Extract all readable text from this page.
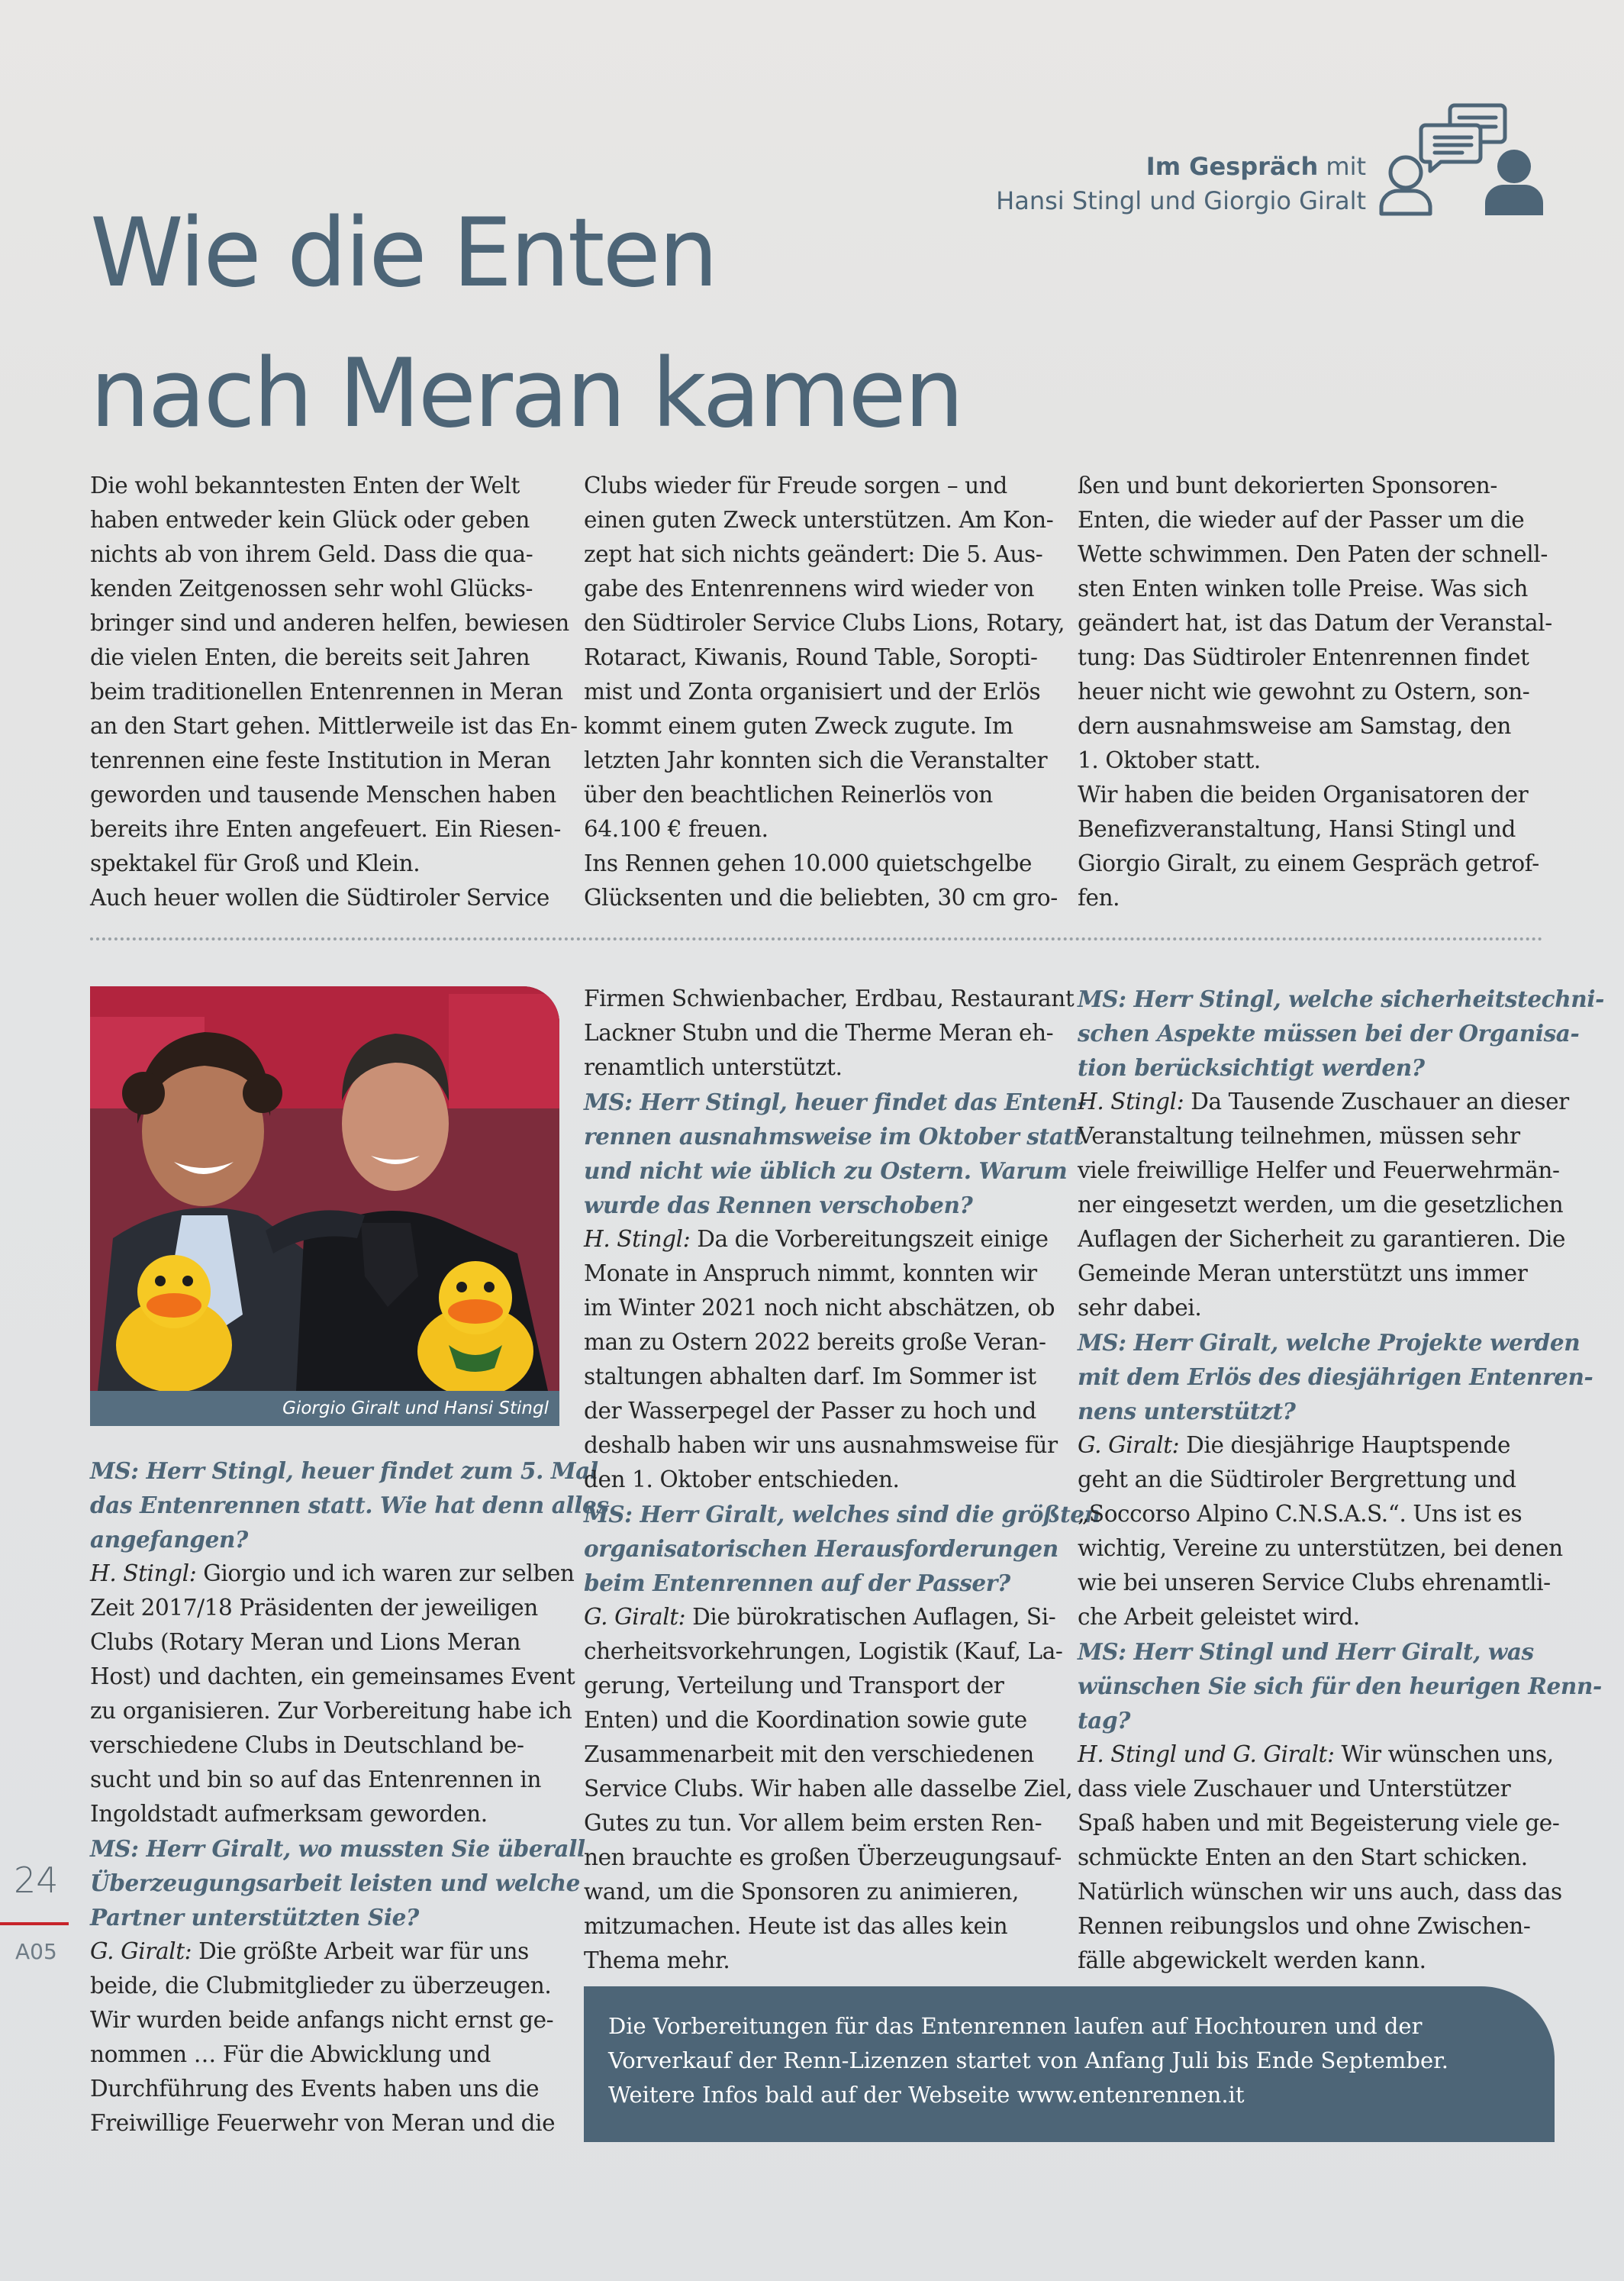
Im Gespräch mit
Hansi Stingl und Giorgio Giralt
Wie die Enten
nach Meran kamen

Die wohl bekanntesten Enten der Welt

haben entweder kein Glück oder geben

nichts ab von ihrem Geld. Dass die qua-

kenden Zeitgenossen sehr wohl Glücks-

bringer sind und anderen helfen, bewiesen

die vielen Enten, die bereits seit Jahren

beim traditionellen Entenrennen in Meran

an den Start gehen. Mittlerweile ist das En-

tenrennen eine feste Institution in Meran

geworden und tausende Menschen haben

bereits ihre Enten angefeuert. Ein Riesen-

spektakel für Groß und Klein.

Auch heuer wollen die Südtiroler Service

Clubs wieder für Freude sorgen – und

einen guten Zweck unterstützen. Am Kon-

zept hat sich nichts geändert: Die 5. Aus-

gabe des Entenrennens wird wieder von

den Südtiroler Service Clubs Lions, Rotary,

Rotaract, Kiwanis, Round Table, Soropti-

mist und Zonta organisiert und der Erlös

kommt einem guten Zweck zugute. Im

letzten Jahr konnten sich die Veranstalter

über den beachtlichen Reinerlös von

64.100 € freuen.

Ins Rennen gehen 10.000 quietschgelbe

Glücksenten und die beliebten, 30 cm gro-

ßen und bunt dekorierten Sponsoren-

Enten, die wieder auf der Passer um die

Wette schwimmen. Den Paten der schnell-

sten Enten winken tolle Preise. Was sich

geändert hat, ist das Datum der Veranstal-

tung: Das Südtiroler Entenrennen findet

heuer nicht wie gewohnt zu Ostern, son-

dern ausnahmsweise am Samstag, den

1. Oktober statt.

Wir haben die beiden Organisatoren der

Benefizveranstaltung, Hansi Stingl und

Giorgio Giralt, zu einem Gespräch getrof-

fen.

Giorgio Giralt und Hansi Stingl

MS: Herr Stingl, heuer findet zum 5. Mal

das Entenrennen statt. Wie hat denn alles

angefangen?

H. Stingl: Giorgio und ich waren zur selben

Zeit 2017/18 Präsidenten der jeweiligen

Clubs (Rotary Meran und Lions Meran

Host) und dachten, ein gemeinsames Event

zu organisieren. Zur Vorbereitung habe ich

verschiedene Clubs in Deutschland be-

sucht und bin so auf das Entenrennen in

Ingoldstadt aufmerksam geworden.

MS: Herr Giralt, wo mussten Sie überall

Überzeugungsarbeit leisten und welche

Partner unterstützten Sie?

G. Giralt: Die größte Arbeit war für uns

beide, die Clubmitglieder zu überzeugen.

Wir wurden beide anfangs nicht ernst ge-

nommen … Für die Abwicklung und

Durchführung des Events haben uns die

Freiwillige Feuerwehr von Meran und die

Firmen Schwienbacher, Erdbau, Restaurant

Lackner Stubn und die Therme Meran eh-

renamtlich unterstützt.

MS: Herr Stingl, heuer findet das Enten-

rennen ausnahmsweise im Oktober statt

und nicht wie üblich zu Ostern. Warum

wurde das Rennen verschoben?

H. Stingl: Da die Vorbereitungszeit einige

Monate in Anspruch nimmt, konnten wir

im Winter 2021 noch nicht abschätzen, ob

man zu Ostern 2022 bereits große Veran-

staltungen abhalten darf. Im Sommer ist

der Wasserpegel der Passer zu hoch und

deshalb haben wir uns ausnahmsweise für

den 1. Oktober entschieden.

MS: Herr Giralt, welches sind die größten

organisatorischen Herausforderungen

beim Entenrennen auf der Passer?

G. Giralt: Die bürokratischen Auflagen, Si-

cherheitsvorkehrungen, Logistik (Kauf, La-

gerung, Verteilung und Transport der

Enten) und die Koordination sowie gute

Zusammenarbeit mit den verschiedenen

Service Clubs. Wir haben alle dasselbe Ziel,

Gutes zu tun. Vor allem beim ersten Ren-

nen brauchte es großen Überzeugungsauf-

wand, um die Sponsoren zu animieren,

mitzumachen. Heute ist das alles kein

Thema mehr.

MS: Herr Stingl, welche sicherheitstechni-

schen Aspekte müssen bei der Organisa-

tion berücksichtigt werden?

H. Stingl: Da Tausende Zuschauer an dieser

Veranstaltung teilnehmen, müssen sehr

viele freiwillige Helfer und Feuerwehrmän-

ner eingesetzt werden, um die gesetzlichen

Auflagen der Sicherheit zu garantieren. Die

Gemeinde Meran unterstützt uns immer

sehr dabei.

MS: Herr Giralt, welche Projekte werden

mit dem Erlös des diesjährigen Entenren-

nens unterstützt?

G. Giralt: Die diesjährige Hauptspende

geht an die Südtiroler Bergrettung und

„Soccorso Alpino C.N.S.A.S.“. Uns ist es

wichtig, Vereine zu unterstützen, bei denen

wie bei unseren Service Clubs ehrenamtli-

che Arbeit geleistet wird.

MS: Herr Stingl und Herr Giralt, was

wünschen Sie sich für den heurigen Renn-

tag?

H. Stingl und G. Giralt: Wir wünschen uns,

dass viele Zuschauer und Unterstützer

Spaß haben und mit Begeisterung viele ge-

schmückte Enten an den Start schicken.

Natürlich wünschen wir uns auch, dass das

Rennen reibungslos und ohne Zwischen-

fälle abgewickelt werden kann.

Die Vorbereitungen für das Entenrennen laufen auf Hochtouren und der

Vorverkauf der Renn-Lizenzen startet von Anfang Juli bis Ende September.

Weitere Infos bald auf der Webseite www.entenrennen.it

24
A05
